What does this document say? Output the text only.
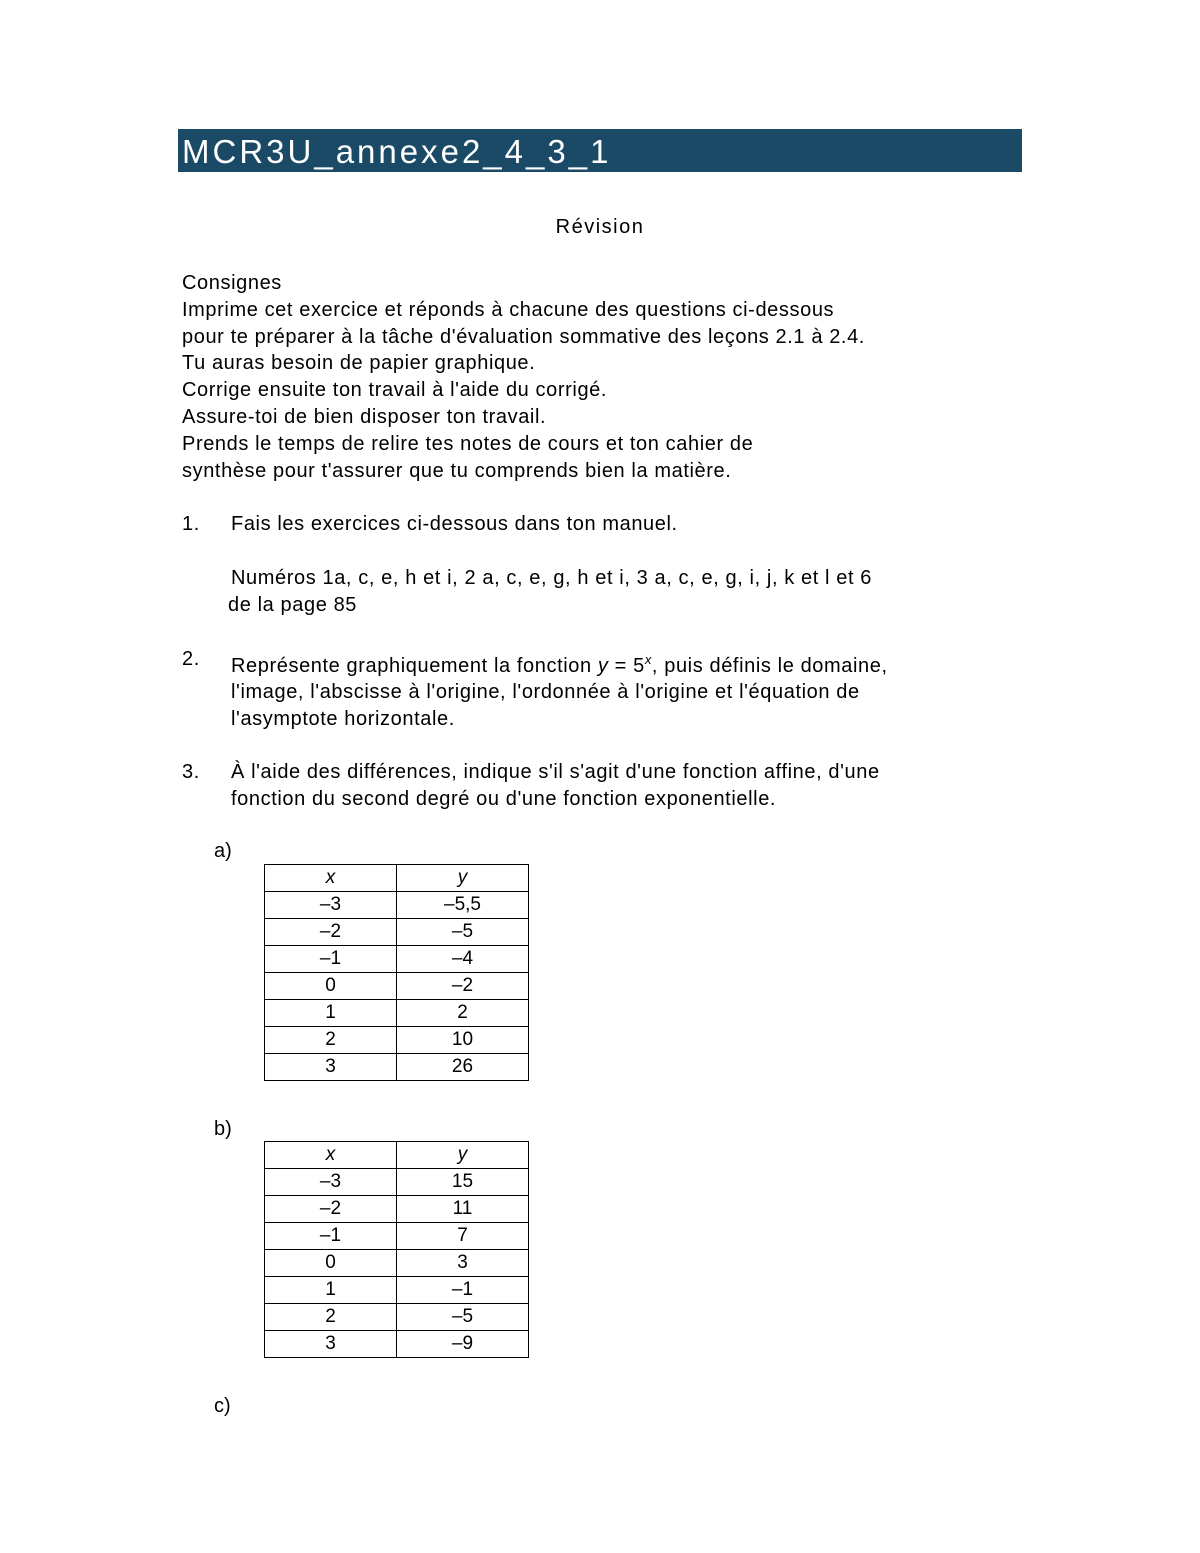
MCR3U_annexe2_4_3_1
Révision
Consignes
Imprime cet exercice et réponds à chacune des questions ci-dessous
pour te préparer à la tâche d'évaluation sommative des leçons 2.1 à 2.4.
Tu auras besoin de papier graphique.
Corrige ensuite ton travail à l'aide du corrigé.
Assure-toi de bien disposer ton travail.
Prends le temps de relire tes notes de cours et ton cahier de
synthèse pour t'assurer que tu comprends bien la matière.
1. Fais les exercices ci-dessous dans ton manuel.
Numéros 1a, c, e, h et i, 2 a, c, e, g, h et i, 3 a, c, e, g, i, j, k et l et 6
de la page 85
2. Représente graphiquement la fonction $y = 5^x$, puis définis le domaine,
l'image, l'abscisse à l'origine, l'ordonnée à l'origine et l'équation de
l'asymptote horizontale.
3. À l'aide des différences, indique s'il s'agit d'une fonction affine, d'une
fonction du second degré ou d'une fonction exponentielle.
a)
x	y
–3	–5,5
–2	–5
–1	–4
0	–2
1	2
2	10
3	26
b)
x	y
–3	15
–2	11
–1	7
0	3
1	–1
2	–5
3	–9
c)
